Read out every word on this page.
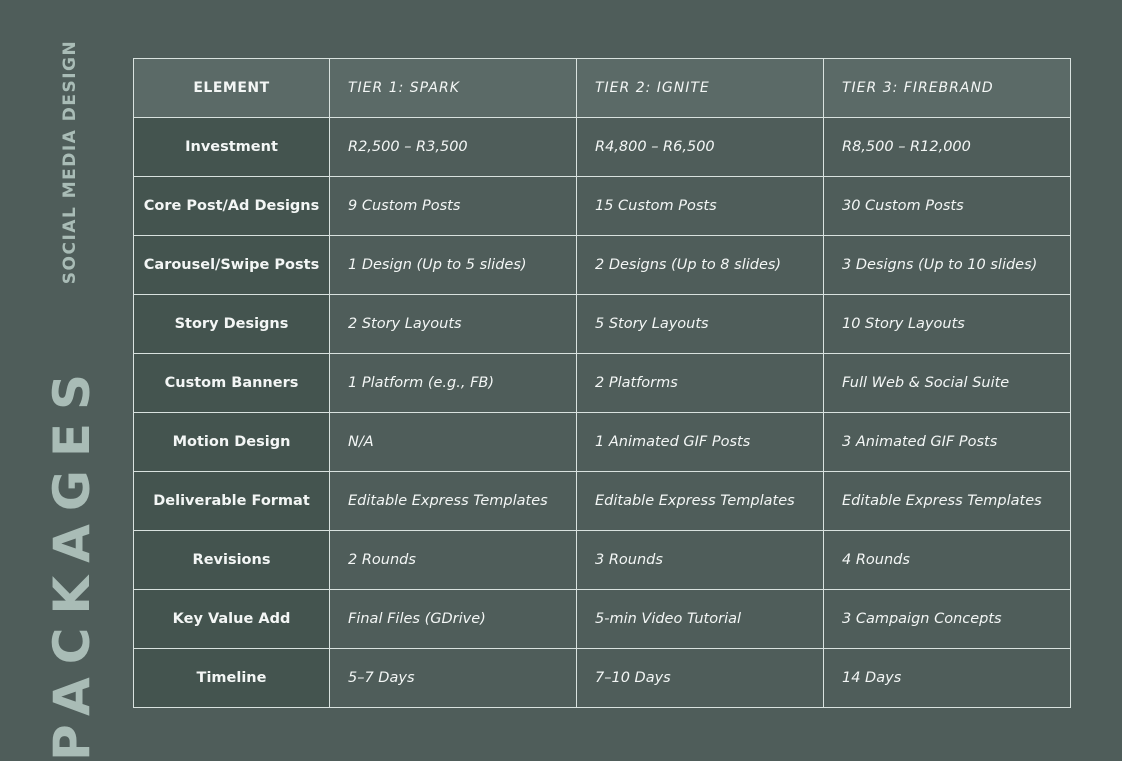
SOCIAL MEDIA DESIGN
PACKAGES
ELEMENT	TIER 1: SPARK	TIER 2: IGNITE	TIER 3: FIREBRAND
Investment	R2,500 – R3,500	R4,800 – R6,500	R8,500 – R12,000
Core Post/Ad Designs	9 Custom Posts	15 Custom Posts	30 Custom Posts
Carousel/Swipe Posts	1 Design (Up to 5 slides)	2 Designs (Up to 8 slides)	3 Designs (Up to 10 slides)
Story Designs	2 Story Layouts	5 Story Layouts	10 Story Layouts
Custom Banners	1 Platform (e.g., FB)	2 Platforms	Full Web & Social Suite
Motion Design	N/A	1 Animated GIF Posts	3 Animated GIF Posts
Deliverable Format	Editable Express Templates	Editable Express Templates	Editable Express Templates
Revisions	2 Rounds	3 Rounds	4 Rounds
Key Value Add	Final Files (GDrive)	5-min Video Tutorial	3 Campaign Concepts
Timeline	5–7 Days	7–10 Days	14 Days
